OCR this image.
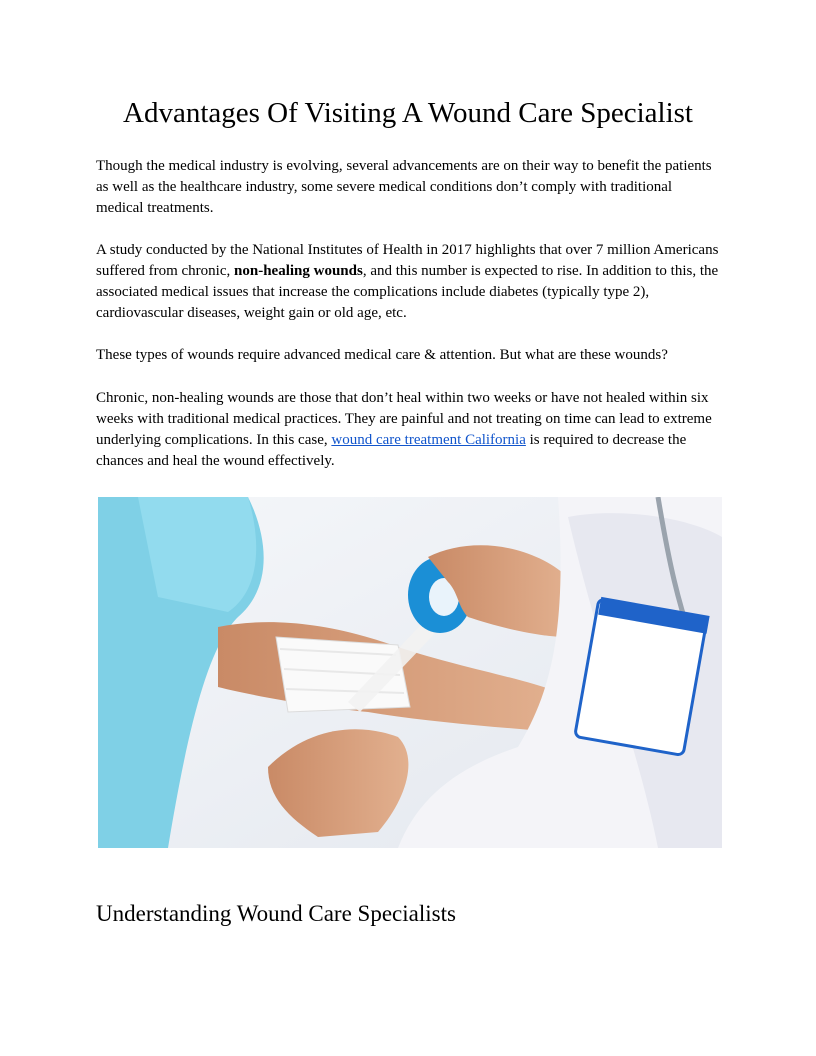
Advantages Of Visiting A Wound Care Specialist

Though the medical industry is evolving, several advancements are on their way to benefit the patients as well as the healthcare industry, some severe medical conditions don’t comply with traditional medical treatments.

A study conducted by the National Institutes of Health in 2017 highlights that over 7 million Americans suffered from chronic, non-healing wounds, and this number is expected to rise. In addition to this, the associated medical issues that increase the complications include diabetes (typically type 2), cardiovascular diseases, weight gain or old age, etc.

These types of wounds require advanced medical care & attention. But what are these wounds?

Chronic, non-healing wounds are those that don’t heal within two weeks or have not healed within six weeks with traditional medical practices. They are painful and not treating on time can lead to extreme underlying complications. In this case, wound care treatment California is required to decrease the chances and heal the wound effectively.

Understanding Wound Care Specialists
